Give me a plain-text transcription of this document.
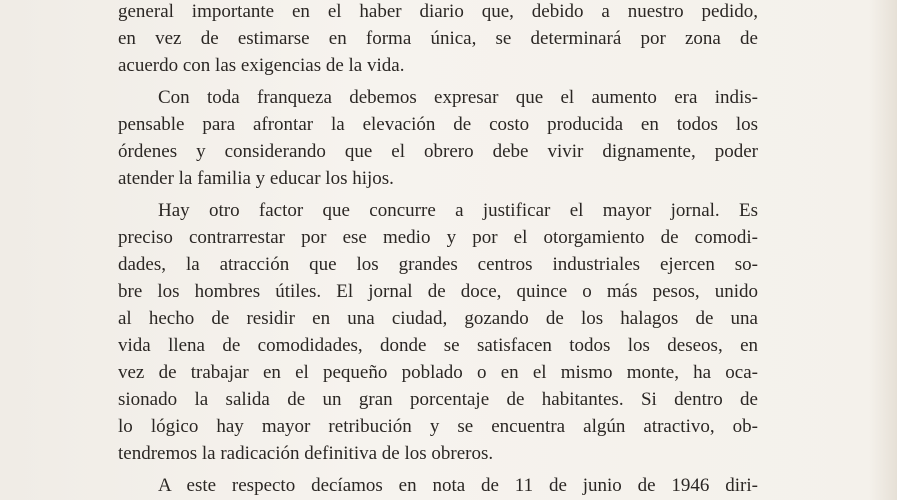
general importante en el haber diario que, debido a nuestro pedido,
en vez de estimarse en forma única, se determinará por zona de
acuerdo con las exigencias de la vida.
Con toda franqueza debemos expresar que el aumento era indis-
pensable para afrontar la elevación de costo producida en todos los
órdenes y considerando que el obrero debe vivir dignamente, poder
atender la familia y educar los hijos.
Hay otro factor que concurre a justificar el mayor jornal. Es
preciso contrarrestar por ese medio y por el otorgamiento de comodi-
dades, la atracción que los grandes centros industriales ejercen so-
bre los hombres útiles. El jornal de doce, quince o más pesos, unido
al hecho de residir en una ciudad, gozando de los halagos de una
vida llena de comodidades, donde se satisfacen todos los deseos, en
vez de trabajar en el pequeño poblado o en el mismo monte, ha oca-
sionado la salida de un gran porcentaje de habitantes. Si dentro de
lo lógico hay mayor retribución y se encuentra algún atractivo, ob-
tendremos la radicación definitiva de los obreros.
A este respecto decíamos en nota de 11 de junio de 1946 diri-
